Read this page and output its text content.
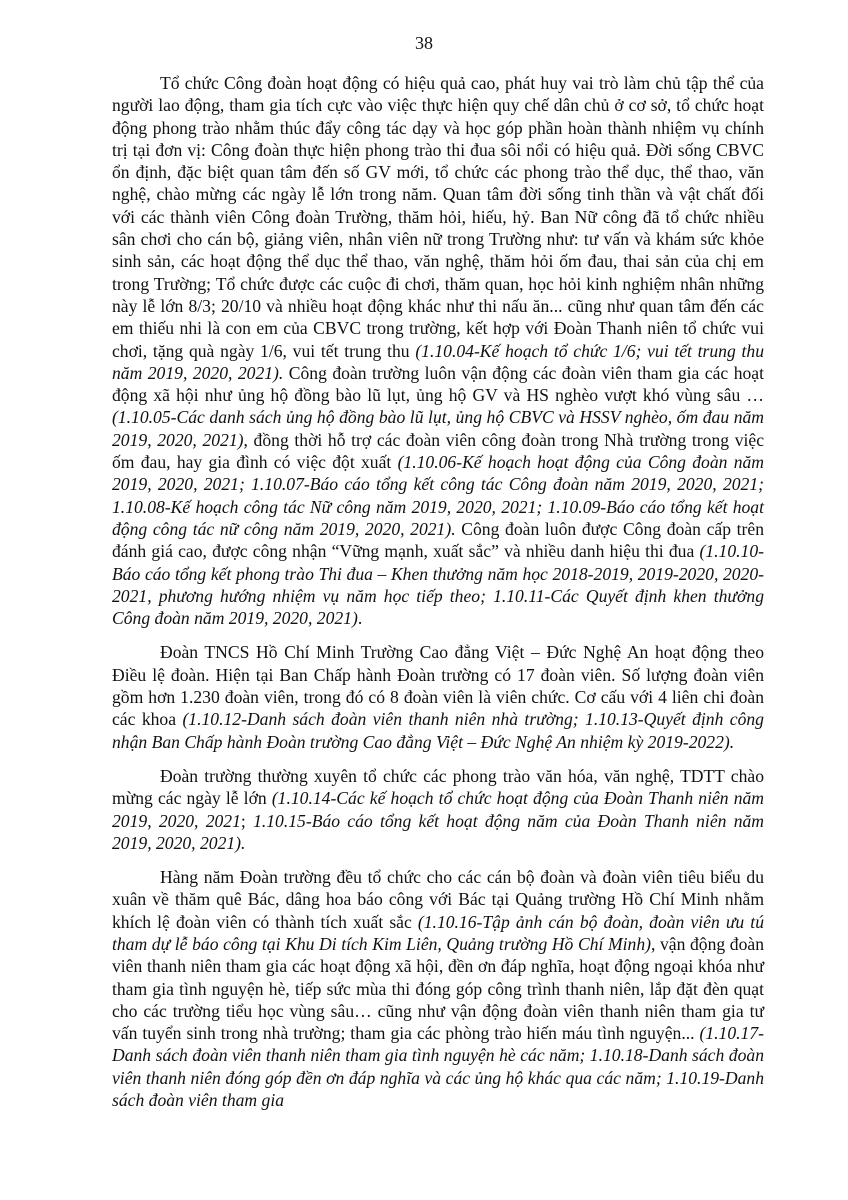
38

Tổ chức Công đoàn hoạt động có hiệu quả cao, phát huy vai trò làm chủ tập thể của người lao động, tham gia tích cực vào việc thực hiện quy chế dân chủ ở cơ sở, tổ chức hoạt động phong trào nhằm thúc đẩy công tác dạy và học góp phần hoàn thành nhiệm vụ chính trị tại đơn vị: Công đoàn thực hiện phong trào thi đua sôi nổi có hiệu quả. Đời sống CBVC ổn định, đặc biệt quan tâm đến số GV mới, tổ chức các phong trào thể dục, thể thao, văn nghệ, chào mừng các ngày lễ lớn trong năm. Quan tâm đời sống tinh thần và vật chất đối với các thành viên Công đoàn Trường, thăm hỏi, hiếu, hỷ. Ban Nữ công đã tổ chức nhiều sân chơi cho cán bộ, giảng viên, nhân viên nữ trong Trường như: tư vấn và khám sức khỏe sinh sản, các hoạt động thể dục thể thao, văn nghệ, thăm hỏi ốm đau, thai sản của chị em trong Trường; Tổ chức được các cuộc đi chơi, thăm quan, học hỏi kinh nghiệm nhân những này lễ lớn 8/3; 20/10 và nhiều hoạt động khác như thi nấu ăn... cũng như quan tâm đến các em thiếu nhi là con em của CBVC trong trường, kết hợp với Đoàn Thanh niên tổ chức vui chơi, tặng quà ngày 1/6, vui tết trung thu (1.10.04-Kế hoạch tổ chức 1/6; vui tết trung thu năm 2019, 2020, 2021). Công đoàn trường luôn vận động các đoàn viên tham gia các hoạt động xã hội như ủng hộ đồng bào lũ lụt, ủng hộ GV và HS nghèo vượt khó vùng sâu … (1.10.05-Các danh sách ủng hộ đồng bào lũ lụt, ủng hộ CBVC và HSSV nghèo, ốm đau năm 2019, 2020, 2021), đồng thời hỗ trợ các đoàn viên công đoàn trong Nhà trường trong việc ốm đau, hay gia đình có việc đột xuất (1.10.06-Kế hoạch hoạt động của Công đoàn năm 2019, 2020, 2021; 1.10.07-Báo cáo tổng kết công tác Công đoàn năm 2019, 2020, 2021; 1.10.08-Kế hoạch công tác Nữ công năm 2019, 2020, 2021; 1.10.09-Báo cáo tổng kết hoạt động công tác nữ công năm 2019, 2020, 2021). Công đoàn luôn được Công đoàn cấp trên đánh giá cao, được công nhận “Vững mạnh, xuất sắc” và nhiều danh hiệu thi đua (1.10.10-Báo cáo tổng kết phong trào Thi đua – Khen thưởng năm học 2018-2019, 2019-2020, 2020-2021, phương hướng nhiệm vụ năm học tiếp theo; 1.10.11-Các Quyết định khen thưởng Công đoàn năm 2019, 2020, 2021).

Đoàn TNCS Hồ Chí Minh Trường Cao đẳng Việt – Đức Nghệ An hoạt động theo Điều lệ đoàn. Hiện tại Ban Chấp hành Đoàn trường có 17 đoàn viên. Số lượng đoàn viên gồm hơn 1.230 đoàn viên, trong đó có 8 đoàn viên là viên chức. Cơ cấu với 4 liên chi đoàn các khoa (1.10.12-Danh sách đoàn viên thanh niên nhà trường; 1.10.13-Quyết định công nhận Ban Chấp hành Đoàn trường Cao đẳng Việt – Đức Nghệ An nhiệm kỳ 2019-2022).

Đoàn trường thường xuyên tổ chức các phong trào văn hóa, văn nghệ, TDTT chào mừng các ngày lễ lớn (1.10.14-Các kế hoạch tổ chức hoạt động của Đoàn Thanh niên năm 2019, 2020, 2021; 1.10.15-Báo cáo tổng kết hoạt động năm của Đoàn Thanh niên năm 2019, 2020, 2021).

Hàng năm Đoàn trường đều tổ chức cho các cán bộ đoàn và đoàn viên tiêu biểu du xuân về thăm quê Bác, dâng hoa báo công với Bác tại Quảng trường Hồ Chí Minh nhằm khích lệ đoàn viên có thành tích xuất sắc (1.10.16-Tập ảnh cán bộ đoàn, đoàn viên ưu tú tham dự lễ báo công tại Khu Di tích Kim Liên, Quảng trường Hồ Chí Minh), vận động đoàn viên thanh niên tham gia các hoạt động xã hội, đền ơn đáp nghĩa, hoạt động ngoại khóa như tham gia tình nguyện hè, tiếp sức mùa thi đóng góp công trình thanh niên, lắp đặt đèn quạt cho các trường tiểu học vùng sâu… cũng như vận động đoàn viên thanh niên tham gia tư vấn tuyển sinh trong nhà trường; tham gia các phòng trào hiến máu tình nguyện... (1.10.17-Danh sách đoàn viên thanh niên tham gia tình nguyện hè các năm; 1.10.18-Danh sách đoàn viên thanh niên đóng góp đền ơn đáp nghĩa và các ủng hộ khác qua các năm; 1.10.19-Danh sách đoàn viên tham gia
